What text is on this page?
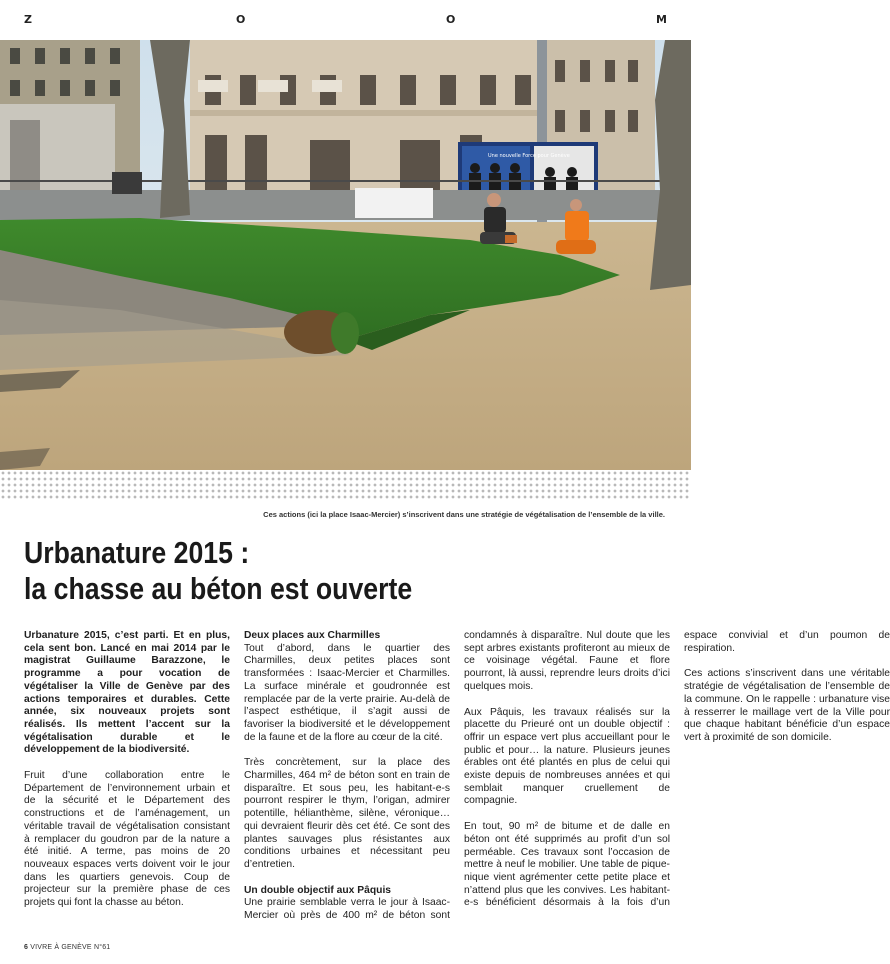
Z	O	O	M
Une nouvelle Force pour Genève
Ces actions (ici la place Isaac-Mercier) s’inscrivent dans une stratégie de végétalisation de l’ensemble de la ville.
Urbanature 2015 :
la chasse au béton est ouverte

Urbanature 2015, c’est parti. Et en plus, cela sent bon. Lancé en mai 2014 par le magistrat Guillaume Barazzone, le programme a pour vocation de végétaliser la Ville de Genève par des actions temporaires et durables. Cette année, six nouveaux projets sont réalisés. Ils mettent l’accent sur la végétalisation durable et le développement de la biodiversité.

Fruit d’une collaboration entre le Département de l’environnement urbain et de la sécurité et le Département des constructions et de l’aménagement, un véritable travail de végétalisation consistant à remplacer du goudron par de la nature a été initié. A terme, pas moins de 20 nouveaux espaces verts doivent voir le jour dans les quartiers genevois. Coup de projecteur sur la première phase de ces projets qui font la chasse au béton.

Deux places aux Charmilles

Tout d’abord, dans le quartier des Charmilles, deux petites places sont transformées : Isaac-Mercier et Charmilles. La surface minérale et goudronnée est remplacée par de la verte prairie. Au-delà de l’aspect esthétique, il s’agit aussi de favoriser la biodiversité et le développement de la faune et de la flore au cœur de la cité.

Très concrètement, sur la place des Charmilles, 464 m² de béton sont en train de disparaître. Et sous peu, les habitant-e-s pourront respirer le thym, l’origan, admirer potentille, hélianthème, silène, véronique… qui devraient fleurir dès cet été. Ce sont des plantes sauvages plus résistantes aux conditions urbaines et nécessitant peu d’entretien.

Un double objectif aux Pâquis

Une prairie semblable verra le jour à Isaac-Mercier où près de 400 m² de béton sont condamnés à disparaître. Nul doute que les sept arbres existants profiteront au mieux de ce voisinage végétal. Faune et flore pourront, là aussi, reprendre leurs droits d’ici quelques mois.

Aux Pâquis, les travaux réalisés sur la placette du Prieuré ont un double objectif : offrir un espace vert plus accueillant pour le public et pour… la nature. Plusieurs jeunes érables ont été plantés en plus de celui qui existe depuis de nombreuses années et qui semblait manquer cruellement de compagnie.

En tout, 90 m² de bitume et de dalle en béton ont été supprimés au profit d’un sol perméable. Ces travaux sont l’occasion de mettre à neuf le mobilier. Une table de pique-nique vient agrémenter cette petite place et n’attend plus que les convives. Les habitant-e-s bénéficient désormais à la fois d’un espace convivial et d’un poumon de respiration.

Ces actions s’inscrivent dans une véritable stratégie de végétalisation de l’ensemble de la commune. On le rappelle : urbanature vise à resserrer le maillage vert de la Ville pour que chaque habitant bénéficie d’un espace vert à proximité de son domicile.

6 VIVRE À GENÈVE N°61
